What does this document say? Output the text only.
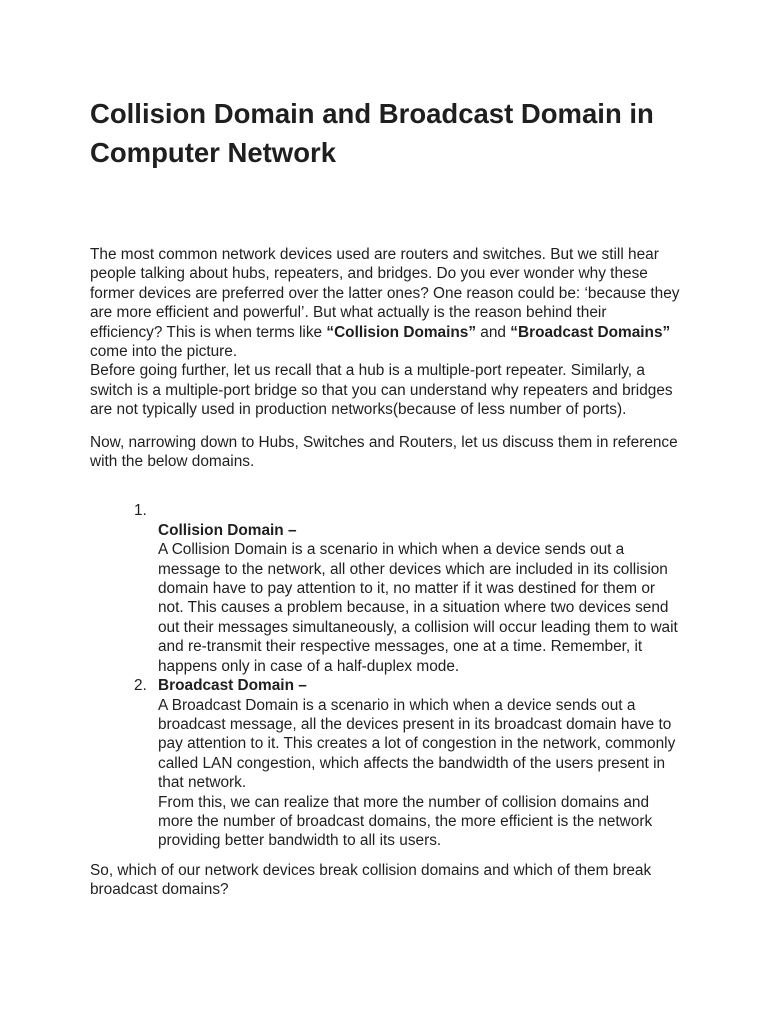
Collision Domain and Broadcast Domain in Computer Network

The most common network devices used are routers and switches. But we still hear people talking about hubs, repeaters, and bridges. Do you ever wonder why these former devices are preferred over the latter ones? One reason could be: ‘because they are more efficient and powerful’. But what actually is the reason behind their efficiency? This is when terms like “Collision Domains” and “Broadcast Domains” come into the picture.

Before going further, let us recall that a hub is a multiple-port repeater. Similarly, a switch is a multiple-port bridge so that you can understand why repeaters and bridges are not typically used in production networks(because of less number of ports).

Now, narrowing down to Hubs, Switches and Routers, let us discuss them in reference with the below domains.

1.
Collision Domain –
A Collision Domain is a scenario in which when a device sends out a message to the network, all other devices which are included in its collision domain have to pay attention to it, no matter if it was destined for them or not. This causes a problem because, in a situation where two devices send out their messages simultaneously, a collision will occur leading them to wait and re-transmit their respective messages, one at a time. Remember, it happens only in case of a half-duplex mode.
2. Broadcast Domain –
A Broadcast Domain is a scenario in which when a device sends out a broadcast message, all the devices present in its broadcast domain have to pay attention to it. This creates a lot of congestion in the network, commonly called LAN congestion, which affects the bandwidth of the users present in that network.
From this, we can realize that more the number of collision domains and more the number of broadcast domains, the more efficient is the network providing better bandwidth to all its users.

So, which of our network devices break collision domains and which of them break broadcast domains?
